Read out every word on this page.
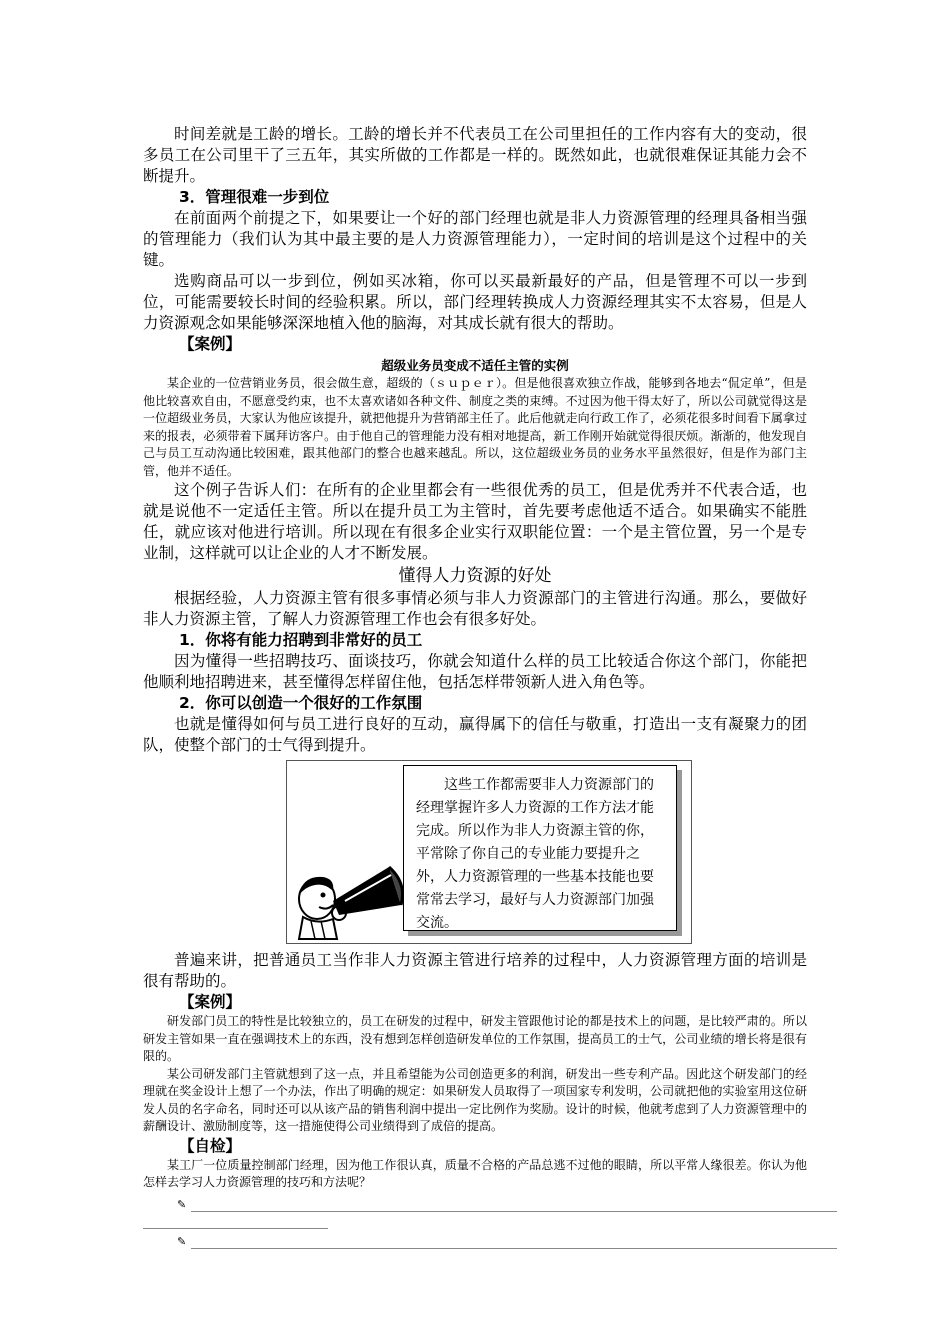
时间差就是工龄的增长。工龄的增长并不代表员工在公司里担任的工作内容有大的变动，很多员工在公司里干了三五年，其实所做的工作都是一样的。既然如此，也就很难保证其能力会不断提升。

3．管理很难一步到位

在前面两个前提之下，如果要让一个好的部门经理也就是非人力资源管理的经理具备相当强的管理能力（我们认为其中最主要的是人力资源管理能力），一定时间的培训是这个过程中的关键。

选购商品可以一步到位，例如买冰箱，你可以买最新最好的产品，但是管理不可以一步到位，可能需要较长时间的经验积累。所以，部门经理转换成人力资源经理其实不太容易，但是人力资源观念如果能够深深地植入他的脑海，对其成长就有很大的帮助。

【案例】

超级业务员变成不适任主管的实例

某企业的一位营销业务员，很会做生意，超级的（ｓｕｐｅｒ）。但是他很喜欢独立作战，能够到各地去“侃定单”，但是他比较喜欢自由，不愿意受约束，也不太喜欢诸如各种文件、制度之类的束缚。不过因为他干得太好了，所以公司就觉得这是一位超级业务员，大家认为他应该提升，就把他提升为营销部主任了。此后他就走向行政工作了，必须花很多时间看下属拿过来的报表，必须带着下属拜访客户。由于他自己的管理能力没有相对地提高，新工作刚开始就觉得很厌烦。渐渐的，他发现自己与员工互动沟通比较困难，跟其他部门的整合也越来越乱。所以，这位超级业务员的业务水平虽然很好，但是作为部门主管，他并不适任。

这个例子告诉人们：在所有的企业里都会有一些很优秀的员工，但是优秀并不代表合适，也就是说他不一定适任主管。所以在提升员工为主管时，首先要考虑他适不适合。如果确实不能胜任，就应该对他进行培训。所以现在有很多企业实行双职能位置：一个是主管位置，另一个是专业制，这样就可以让企业的人才不断发展。

懂得人力资源的好处

根据经验，人力资源主管有很多事情必须与非人力资源部门的主管进行沟通。那么，要做好非人力资源主管，了解人力资源管理工作也会有很多好处。

1．你将有能力招聘到非常好的员工

因为懂得一些招聘技巧、面谈技巧，你就会知道什么样的员工比较适合你这个部门，你能把他顺利地招聘进来，甚至懂得怎样留住他，包括怎样带领新人进入角色等。

2．你可以创造一个很好的工作氛围

也就是懂得如何与员工进行良好的互动，赢得属下的信任与敬重，打造出一支有凝聚力的团队，使整个部门的士气得到提升。

这些工作都需要非人力资源部门的经理掌握许多人力资源的工作方法才能完成。所以作为非人力资源主管的你，平常除了你自己的专业能力要提升之外，人力资源管理的一些基本技能也要常常去学习，最好与人力资源部门加强交流。

普遍来讲，把普通员工当作非人力资源主管进行培养的过程中，人力资源管理方面的培训是很有帮助的。

【案例】

研发部门员工的特性是比较独立的，员工在研发的过程中，研发主管跟他讨论的都是技术上的问题，是比较严肃的。所以研发主管如果一直在强调技术上的东西，没有想到怎样创造研发单位的工作氛围，提高员工的士气，公司业绩的增长将是很有限的。

某公司研发部门主管就想到了这一点，并且希望能为公司创造更多的利润，研发出一些专利产品。因此这个研发部门的经理就在奖金设计上想了一个办法，作出了明确的规定：如果研发人员取得了一项国家专利发明，公司就把他的实验室用这位研发人员的名字命名，同时还可以从该产品的销售利润中提出一定比例作为奖励。设计的时候，他就考虑到了人力资源管理中的薪酬设计、激励制度等，这一措施使得公司业绩得到了成倍的提高。

【自检】

某工厂一位质量控制部门经理，因为他工作很认真，质量不合格的产品总逃不过他的眼睛，所以平常人缘很差。你认为他怎样去学习人力资源管理的技巧和方法呢？

✎
✎
